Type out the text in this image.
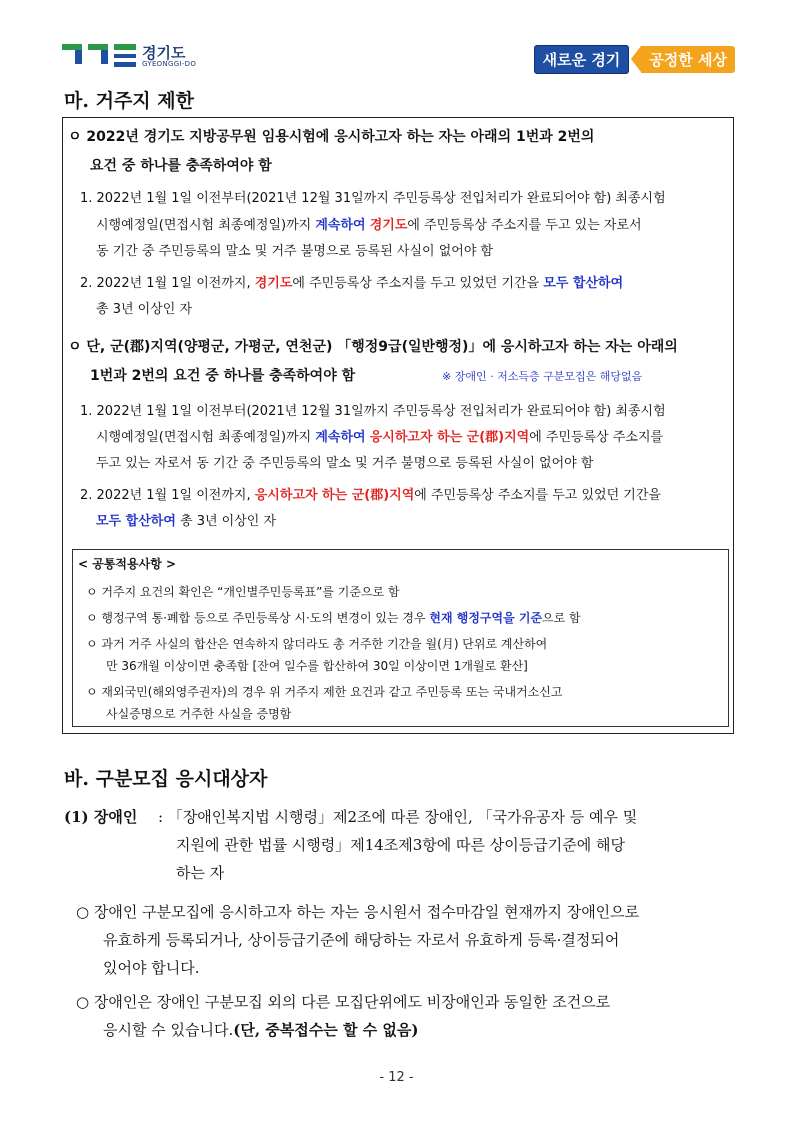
경기도
GYEONGGI-DO	새로운 경기	공정한 세상
마. 거주지 제한
ㅇ 2022년 경기도 지방공무원 임용시험에 응시하고자 하는 자는 아래의 1번과 2번의
요건 중 하나를 충족하여야 함
1. 2022년 1월 1일 이전부터(2021년 12월 31일까지 주민등록상 전입처리가 완료되어야 함) 최종시험
시행예정일(면접시험 최종예정일)까지 계속하여 경기도에 주민등록상 주소지를 두고 있는 자로서
동 기간 중 주민등록의 말소 및 거주 불명으로 등록된 사실이 없어야 함
2. 2022년 1월 1일 이전까지, 경기도에 주민등록상 주소지를 두고 있었던 기간을 모두 합산하여
총 3년 이상인 자
ㅇ 단, 군(郡)지역(양평군, 가평군, 연천군) 「행정9급(일반행정)」에 응시하고자 하는 자는 아래의
1번과 2번의 요건 중 하나를 충족하여야 함	※ 장애인 · 저소득층 구분모집은 해당없음
1. 2022년 1월 1일 이전부터(2021년 12월 31일까지 주민등록상 전입처리가 완료되어야 함) 최종시험
시행예정일(면접시험 최종예정일)까지 계속하여 응시하고자 하는 군(郡)지역에 주민등록상 주소지를
두고 있는 자로서 동 기간 중 주민등록의 말소 및 거주 불명으로 등록된 사실이 없어야 함
2. 2022년 1월 1일 이전까지, 응시하고자 하는 군(郡)지역에 주민등록상 주소지를 두고 있었던 기간을
모두 합산하여 총 3년 이상인 자
< 공통적용사항 >
ㅇ 거주지 요건의 확인은 “개인별주민등록표”를 기준으로 함
ㅇ 행정구역 통·폐합 등으로 주민등록상 시·도의 변경이 있는 경우 현재 행정구역을 기준으로 함
ㅇ 과거 거주 사실의 합산은 연속하지 않더라도 총 거주한 기간을 월(月) 단위로 계산하여
만 36개월 이상이면 충족함 [잔여 일수를 합산하여 30일 이상이면 1개월로 환산]
ㅇ 재외국민(해외영주권자)의 경우 위 거주지 제한 요건과 같고 주민등록 또는 국내거소신고
사실증명으로 거주한 사실을 증명함
바. 구분모집 응시대상자
(1) 장애인 : 「장애인복지법 시행령」제2조에 따른 장애인, 「국가유공자 등 예우 및
지원에 관한 법률 시행령」제14조제3항에 따른 상이등급기준에 해당
하는 자
○ 장애인 구분모집에 응시하고자 하는 자는 응시원서 접수마감일 현재까지 장애인으로
유효하게 등록되거나, 상이등급기준에 해당하는 자로서 유효하게 등록·결정되어
있어야 합니다.
○ 장애인은 장애인 구분모집 외의 다른 모집단위에도 비장애인과 동일한 조건으로
응시할 수 있습니다.(단, 중복접수는 할 수 없음)
- 12 -
